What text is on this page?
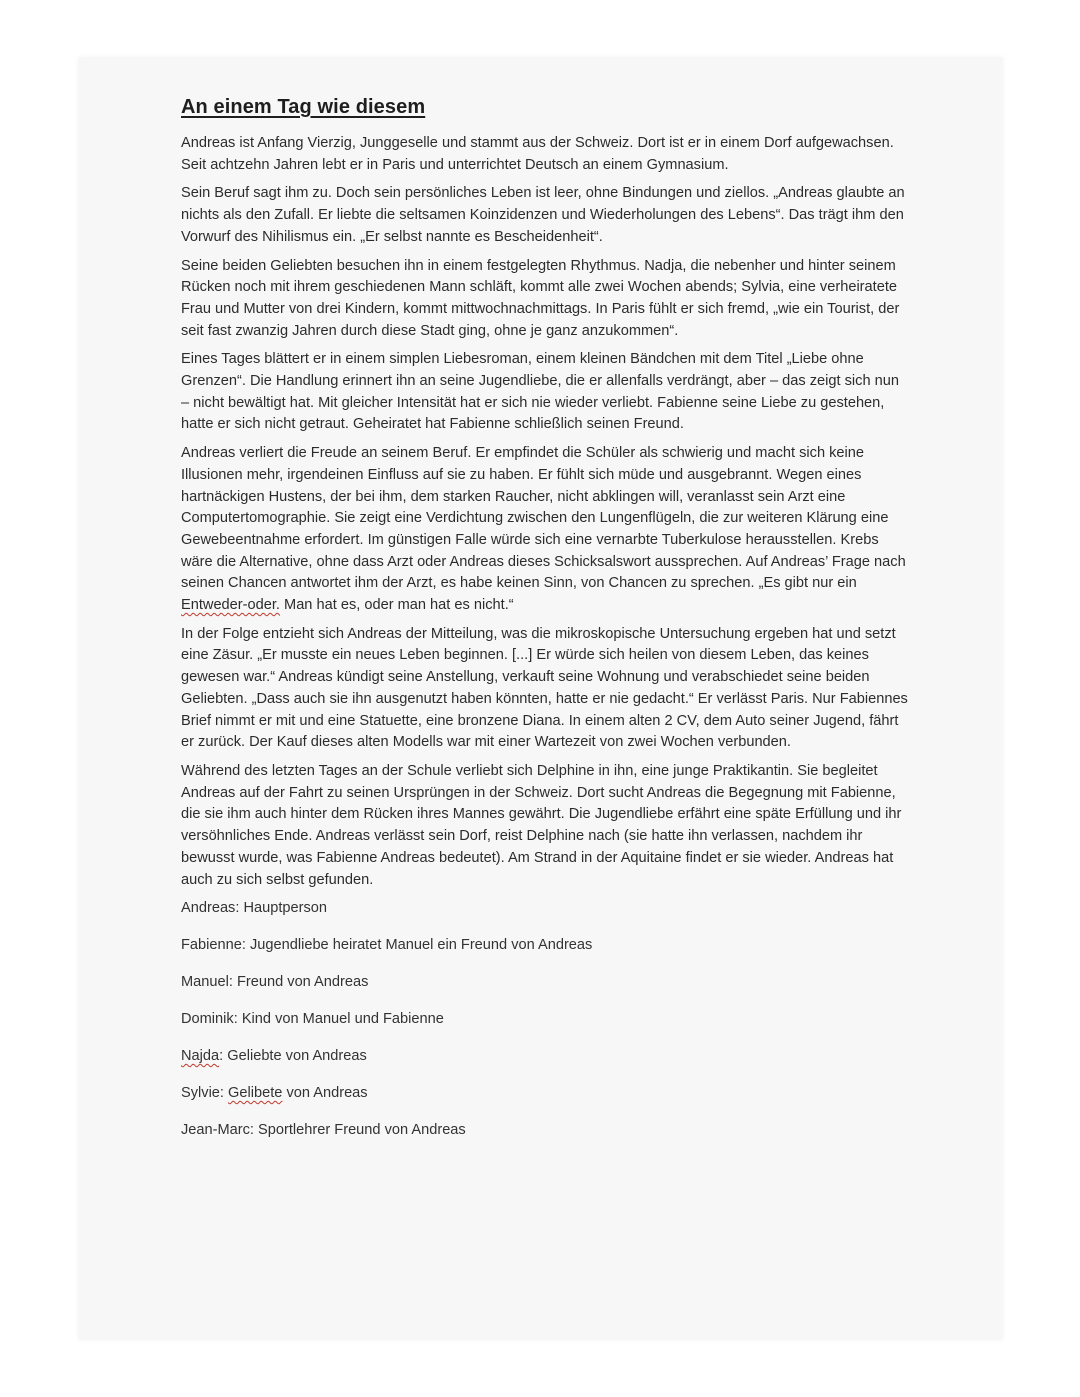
An einem Tag wie diesem

Andreas ist Anfang Vierzig, Junggeselle und stammt aus der Schweiz. Dort ist er in einem Dorf aufgewachsen. Seit achtzehn Jahren lebt er in Paris und unterrichtet Deutsch an einem Gymnasium.

Sein Beruf sagt ihm zu. Doch sein persönliches Leben ist leer, ohne Bindungen und ziellos. „Andreas glaubte an nichts als den Zufall. Er liebte die seltsamen Koinzidenzen und Wiederholungen des Lebens“. Das trägt ihm den Vorwurf des Nihilismus ein. „Er selbst nannte es Bescheidenheit“.

Seine beiden Geliebten besuchen ihn in einem festgelegten Rhythmus. Nadja, die nebenher und hinter seinem Rücken noch mit ihrem geschiedenen Mann schläft, kommt alle zwei Wochen abends; Sylvia, eine verheiratete Frau und Mutter von drei Kindern, kommt mittwochnachmittags. In Paris fühlt er sich fremd, „wie ein Tourist, der seit fast zwanzig Jahren durch diese Stadt ging, ohne je ganz anzukommen“.

Eines Tages blättert er in einem simplen Liebesroman, einem kleinen Bändchen mit dem Titel „Liebe ohne Grenzen“. Die Handlung erinnert ihn an seine Jugendliebe, die er allenfalls verdrängt, aber – das zeigt sich nun – nicht bewältigt hat. Mit gleicher Intensität hat er sich nie wieder verliebt. Fabienne seine Liebe zu gestehen, hatte er sich nicht getraut. Geheiratet hat Fabienne schließlich seinen Freund.

Andreas verliert die Freude an seinem Beruf. Er empfindet die Schüler als schwierig und macht sich keine Illusionen mehr, irgendeinen Einfluss auf sie zu haben. Er fühlt sich müde und ausgebrannt. Wegen eines hartnäckigen Hustens, der bei ihm, dem starken Raucher, nicht abklingen will, veranlasst sein Arzt eine Computertomographie. Sie zeigt eine Verdichtung zwischen den Lungenflügeln, die zur weiteren Klärung eine Gewebeentnahme erfordert. Im günstigen Falle würde sich eine vernarbte Tuberkulose herausstellen. Krebs wäre die Alternative, ohne dass Arzt oder Andreas dieses Schicksalswort aussprechen. Auf Andreas’ Frage nach seinen Chancen antwortet ihm der Arzt, es habe keinen Sinn, von Chancen zu sprechen. „Es gibt nur ein Entweder-oder. Man hat es, oder man hat es nicht.“

In der Folge entzieht sich Andreas der Mitteilung, was die mikroskopische Untersuchung ergeben hat und setzt eine Zäsur. „Er musste ein neues Leben beginnen. [...] Er würde sich heilen von diesem Leben, das keines gewesen war.“ Andreas kündigt seine Anstellung, verkauft seine Wohnung und verabschiedet seine beiden Geliebten. „Dass auch sie ihn ausgenutzt haben könnten, hatte er nie gedacht.“ Er verlässt Paris. Nur Fabiennes Brief nimmt er mit und eine Statuette, eine bronzene Diana. In einem alten 2 CV, dem Auto seiner Jugend, fährt er zurück. Der Kauf dieses alten Modells war mit einer Wartezeit von zwei Wochen verbunden.

Während des letzten Tages an der Schule verliebt sich Delphine in ihn, eine junge Praktikantin. Sie begleitet Andreas auf der Fahrt zu seinen Ursprüngen in der Schweiz. Dort sucht Andreas die Begegnung mit Fabienne, die sie ihm auch hinter dem Rücken ihres Mannes gewährt. Die Jugendliebe erfährt eine späte Erfüllung und ihr versöhnliches Ende. Andreas verlässt sein Dorf, reist Delphine nach (sie hatte ihn verlassen, nachdem ihr bewusst wurde, was Fabienne Andreas bedeutet). Am Strand in der Aquitaine findet er sie wieder. Andreas hat auch zu sich selbst gefunden.

Andreas: Hauptperson
Fabienne: Jugendliebe heiratet Manuel ein Freund von Andreas
Manuel: Freund von Andreas
Dominik: Kind von Manuel und Fabienne
Najda: Geliebte von Andreas
Sylvie: Gelibete von Andreas
Jean-Marc: Sportlehrer Freund von Andreas
